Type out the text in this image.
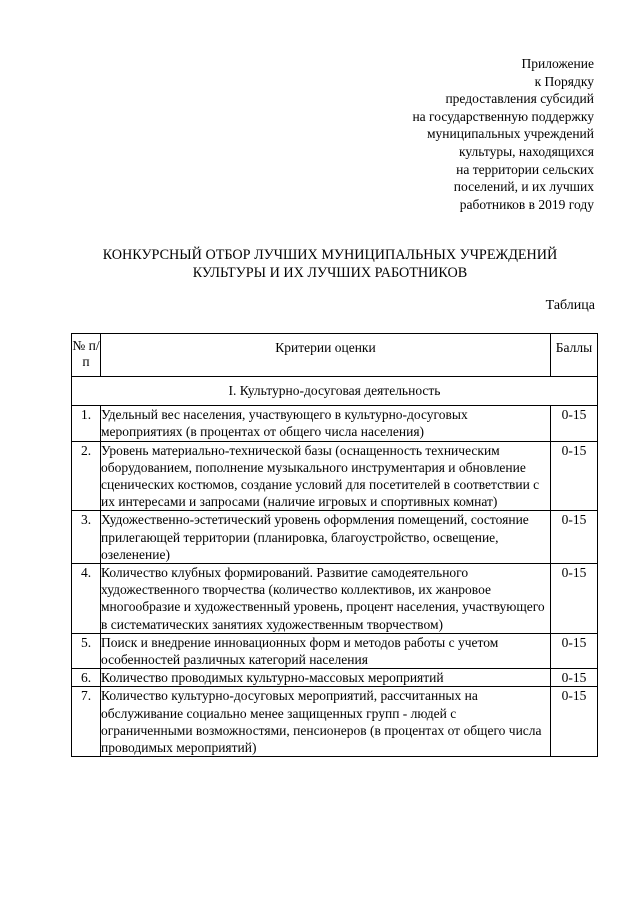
Приложение
к Порядку
предоставления субсидий
на государственную поддержку
муниципальных учреждений
культуры, находящихся
на территории сельских
поселений, и их лучших
работников в 2019 году
КОНКУРСНЫЙ ОТБОР ЛУЧШИХ МУНИЦИПАЛЬНЫХ УЧРЕЖДЕНИЙ
КУЛЬТУРЫ И ИХ ЛУЧШИХ РАБОТНИКОВ
Таблица
№ п/п	Критерии оценки	Баллы
I. Культурно-досуговая деятельность		
1.	Удельный вес населения, участвующего в культурно-досуговых мероприятиях (в процентах от общего числа населения)	0-15
2.	Уровень материально-технической базы (оснащенность техническим оборудованием, пополнение музыкального инструментария и обновление сценических костюмов, создание условий для посетителей в соответствии с их интересами и запросами (наличие игровых и спортивных комнат)	0-15
3.	Художественно-эстетический уровень оформления помещений, состояние прилегающей территории (планировка, благоустройство, освещение, озеленение)	0-15
4.	Количество клубных формирований. Развитие самодеятельного художественного творчества (количество коллективов, их жанровое многообразие и художественный уровень, процент населения, участвующего в систематических занятиях художественным творчеством)	0-15
5.	Поиск и внедрение инновационных форм и методов работы с учетом особенностей различных категорий населения	0-15
6.	Количество проводимых культурно-массовых мероприятий	0-15
7.	Количество культурно-досуговых мероприятий, рассчитанных на обслуживание социально менее защищенных групп - людей с ограниченными возможностями, пенсионеров (в процентах от общего числа проводимых мероприятий)	0-15
